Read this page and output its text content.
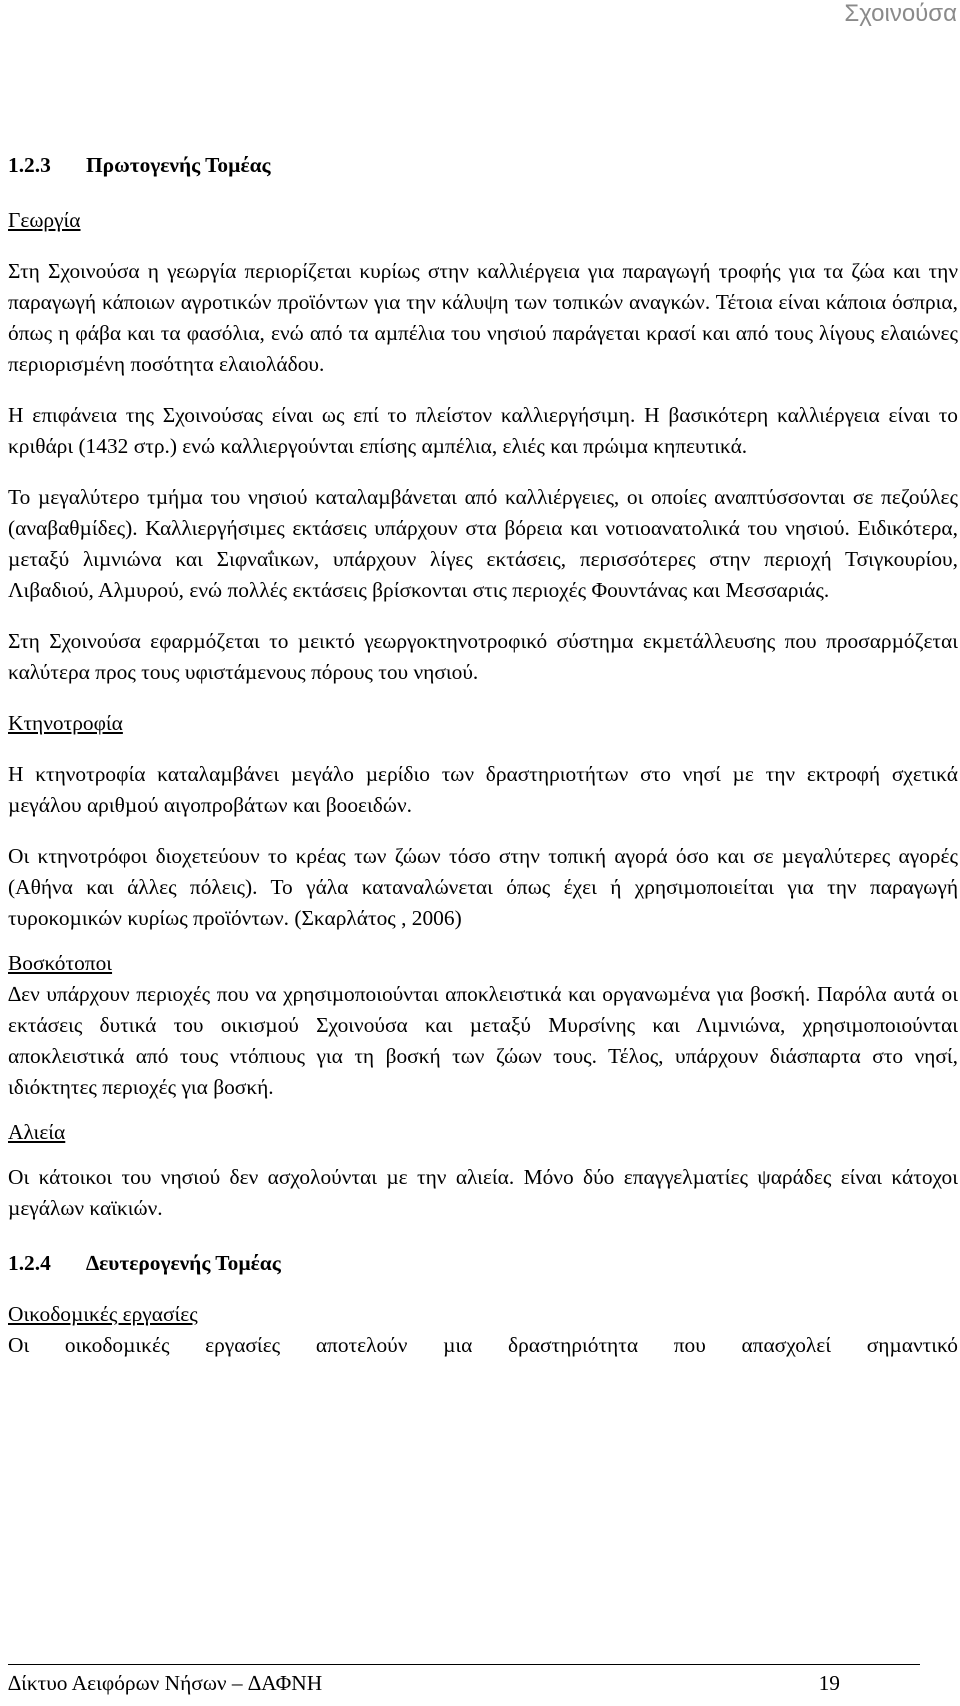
Σχοινούσα
1.2.3 Πρωτογενής Τοµέας
Γεωργία

Στη Σχοινούσα η γεωργία περιορίζεται κυρίως στην καλλιέργεια για παραγωγή τροφής για τα ζώα και την παραγωγή κάποιων αγροτικών προϊόντων για την κάλυψη των τοπικών αναγκών. Τέτοια είναι κάποια όσπρια, όπως η φάβα και τα φασόλια, ενώ από τα αµπέλια του νησιού παράγεται κρασί και από τους λίγους ελαιώνες περιορισµένη ποσότητα ελαιολάδου.

Η επιφάνεια της Σχοινούσας είναι ως επί το πλείστον καλλιεργήσιµη. Η βασικότερη καλλιέργεια είναι το κριθάρι (1432 στρ.) ενώ καλλιεργούνται επίσης αµπέλια, ελιές και πρώιµα κηπευτικά.

Το µεγαλύτερο τµήµα του νησιού καταλαµβάνεται από καλλιέργειες, οι οποίες αναπτύσσονται σε πεζούλες (αναβαθµίδες). Καλλιεργήσιµες εκτάσεις υπάρχουν στα βόρεια και νοτιοανατολικά του νησιού. Ειδικότερα, µεταξύ λιµνιώνα και Σιφναΐικων, υπάρχουν λίγες εκτάσεις, περισσότερες στην περιοχή Τσιγκουρίου, Λιβαδιού, Αλµυρού, ενώ πολλές εκτάσεις βρίσκονται στις περιοχές Φουντάνας και Μεσσαριάς.

Στη Σχοινούσα εφαρµόζεται το µεικτό γεωργοκτηνοτροφικό σύστηµα εκµετάλλευσης που προσαρµόζεται καλύτερα προς τους υφιστάµενους πόρους του νησιού.

Κτηνοτροφία

Η κτηνοτροφία καταλαµβάνει µεγάλο µερίδιο των δραστηριοτήτων στο νησί µε την εκτροφή σχετικά µεγάλου αριθµού αιγοπροβάτων και βοοειδών.

Οι κτηνοτρόφοι διοχετεύουν το κρέας των ζώων τόσο στην τοπική αγορά όσο και σε µεγαλύτερες αγορές (Αθήνα και άλλες πόλεις). Το γάλα καταναλώνεται όπως έχει ή χρησιµοποιείται για την παραγωγή τυροκοµικών κυρίως προϊόντων. (Σκαρλάτος , 2006)

Βοσκότοποι

∆εν υπάρχουν περιοχές που να χρησιµοποιούνται αποκλειστικά και οργανωµένα για βοσκή. Παρόλα αυτά οι εκτάσεις δυτικά του οικισµού Σχοινούσα και µεταξύ Μυρσίνης και Λιµνιώνα, χρησιµοποιούνται αποκλειστικά από τους ντόπιους για τη βοσκή των ζώων τους. Τέλος, υπάρχουν διάσπαρτα στο νησί, ιδιόκτητες περιοχές για βοσκή.

Αλιεία

Οι κάτοικοι του νησιού δεν ασχολούνται µε την αλιεία. Μόνο δύο επαγγελµατίες ψαράδες είναι κάτοχοι µεγάλων καϊκιών.

1.2.4 ∆ευτερογενής Τοµέας
Οικοδοµικές εργασίες

Οι οικοδοµικές εργασίες αποτελούν µια δραστηριότητα που απασχολεί σηµαντικό

∆ίκτυο Αειφόρων Νήσων – ∆ΑΦΝΗ	19
